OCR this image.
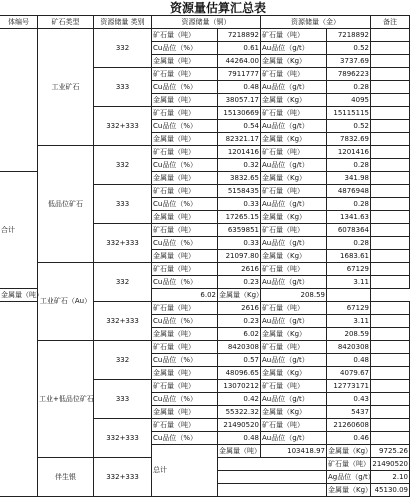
资源量估算汇总表
体编号	矿石类型	资源储量 类别	资源储量（铜）		资源储量（金）		备注	
	工业矿石	332	矿石量（吨）	7218892	矿石量（吨）	7218892		
			Cu品位（%）	0.61	Au品位（g/t）	0.52		
			金属量（吨）	44264.00	金属量（Kg）	3737.69		
		333	矿石量（吨）	7911777	矿石量（吨）	7896223		
			Cu品位（%）	0.48	Au品位（g/t）	0.28		
			金属量（吨）	38057.17	金属量（Kg）	4095		
		332+333	矿石量（吨）	15130669	矿石量（吨）	15115115		
			Cu品位（%）	0.54	Au品位（g/t）	0.52		
			金属量（吨）	82321.17	金属量（Kg）	7832.69		
	低品位矿石	332	矿石量（吨）	1201416	矿石量（吨）	1201416		
			Cu品位（%）	0.32	Au品位（g/t）	0.28		
合计			金属量（吨）	3832.65	金属量（Kg）	341.98		
		333	矿石量（吨）	5158435	矿石量（吨）	4876948		
			Cu品位（%）	0.33	Au品位（g/t）	0.28		
			金属量（吨）	17265.15	金属量（Kg）	1341.63		
		332+333	矿石量（吨）	6359851	矿石量（吨）	6078364		
			Cu品位（%）	0.33	Au品位（g/t）	0.28		
			金属量（吨）	21097.80	金属量（Kg）	1683.61		
	工业矿石（Au）	332	矿石量（吨）	2616	矿石量（吨）	67129		
			Cu品位（%）	0.23	Au品位（g/t）	3.11		
金属量（吨）			6.02	金属量（Kg）	208.59			
		332+333	矿石量（吨）	2616	矿石量（吨）	67129		
			Cu品位（%）	0.23	Au品位（g/t）	3.11		
			金属量（吨）	6.02	金属量（Kg）	208.59		
	工业+低品位矿石	332	矿石量（吨）	8420308	矿石量（吨）	8420308		
			Cu品位（%）	0.57	Au品位（g/t）	0.48		
			金属量（吨）	48096.65	金属量（Kg）	4079.67		
		333	矿石量（吨）	13070212	矿石量（吨）	12773171		
			Cu品位（%）	0.42	Au品位（g/t）	0.43		
			金属量（吨）	55322.32	金属量（Kg）	5437		
		332+333	矿石量（吨）	21490520	矿石量（吨）	21260608		
			Cu品位（%）	0.48	Au品位（g/t）	0.46		
			总计	金属量（吨）	103418.97	金属量（Kg）	9725.26	
	伴生银	332+333				矿石量（吨）	21490520	
						Ag品位（g/t）	2.10	
						金属量（Kg）	45130.09	
